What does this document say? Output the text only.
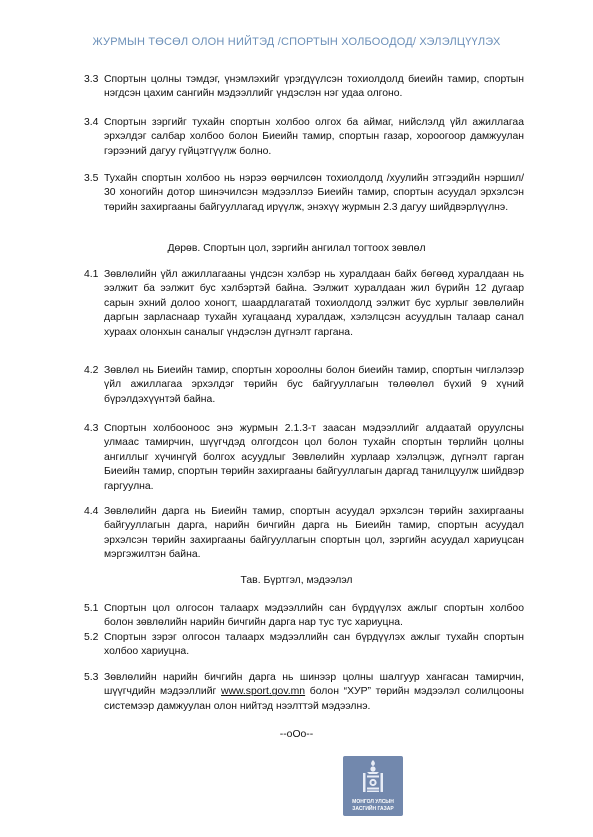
ЖУРМЫН ТӨСӨЛ ОЛОН НИЙТЭД /СПОРТЫН ХОЛБООДОД/ ХЭЛЭЛЦҮҮЛЭХ
3.3 Спортын цолны тэмдэг, үнэмлэхийг үрэгдүүлсэн тохиолдолд биеийн тамир, спортын нэгдсэн цахим сангийн мэдээллийг үндэслэн нэг удаа олгоно.
3.4 Спортын зэргийг тухайн спортын холбоо олгох ба аймаг, нийслэлд үйл ажиллагаа эрхэлдэг салбар холбоо болон Биеийн тамир, спортын газар, хороогоор дамжуулан гэрээний дагуу гүйцэтгүүлж болно.
3.5 Тухайн спортын холбоо нь нэрээ өөрчилсөн тохиолдолд /хуулийн этгээдийн нэршил/ 30 хоногийн дотор шинэчилсэн мэдээллээ Биеийн тамир, спортын асуудал эрхэлсэн төрийн захиргааны байгууллагад ирүүлж, энэхүү журмын 2.3 дагуу шийдвэрлүүлнэ.
Дөрөв. Спортын цол, зэргийн ангилал тогтоох зөвлөл
4.1 Зөвлөлийн үйл ажиллагааны үндсэн хэлбэр нь хуралдаан байх бөгөөд хуралдаан нь ээлжит ба ээлжит бус хэлбэртэй байна. Ээлжит хуралдаан жил бүрийн 12 дугаар сарын эхний долоо хоногт, шаардлагатай тохиолдолд ээлжит бус хурлыг зөвлөлийн даргын зарласнаар тухайн хугацаанд хуралдаж, хэлэлцсэн асуудлын талаар санал хураах олонхын саналыг үндэслэн дүгнэлт гаргана.
4.2 Зөвлөл нь Биеийн тамир, спортын хороолны болон биеийн тамир, спортын чиглэлээр үйл ажиллагаа эрхэлдэг төрийн бус байгууллагын төлөөлөл бүхий 9 хүний бүрэлдэхүүнтэй байна.
4.3 Спортын холбооноос энэ журмын 2.1.3-т заасан мэдээллийг алдаатай оруулсны улмаас тамирчин, шүүгчдэд олгогдсон цол болон тухайн спортын төрлийн цолны ангиллыг хүчингүй болгох асуудлыг Зөвлөлийн хурлаар хэлэлцэж, дүгнэлт гарган Биеийн тамир, спортын төрийн захиргааны байгууллагын даргад танилцуулж шийдвэр гаргуулна.
4.4 Зөвлөлийн дарга нь Биеийн тамир, спортын асуудал эрхэлсэн төрийн захиргааны байгууллагын дарга, нарийн бичгийн дарга нь Биеийн тамир, спортын асуудал эрхэлсэн төрийн захиргааны байгууллагын спортын цол, зэргийн асуудал хариуцсан мэргэжилтэн байна.
Тав. Бүртгэл, мэдээлэл
5.1 Спортын цол олгосон талаарх мэдээллийн сан бүрдүүлэх ажлыг спортын холбоо болон зөвлөлийн нарийн бичгийн дарга нар тус тус хариуцна.
5.2 Спортын зэрэг олгосон талаарх мэдээллийн сан бүрдүүлэх ажлыг тухайн спортын холбоо хариуцна.
5.3 Зөвлөлийн нарийн бичгийн дарга нь шинээр цолны шалгуур хангасан тамирчин, шүүгчдийн мэдээллийг www.sport.gov.mn болон “ХУР” төрийн мэдээлэл солилцооны системээр дамжуулан олон нийтэд нээлттэй мэдээлнэ.
--oOo--
МОНГОЛ УЛСЫН
ЗАСГИЙН ГАЗАР
